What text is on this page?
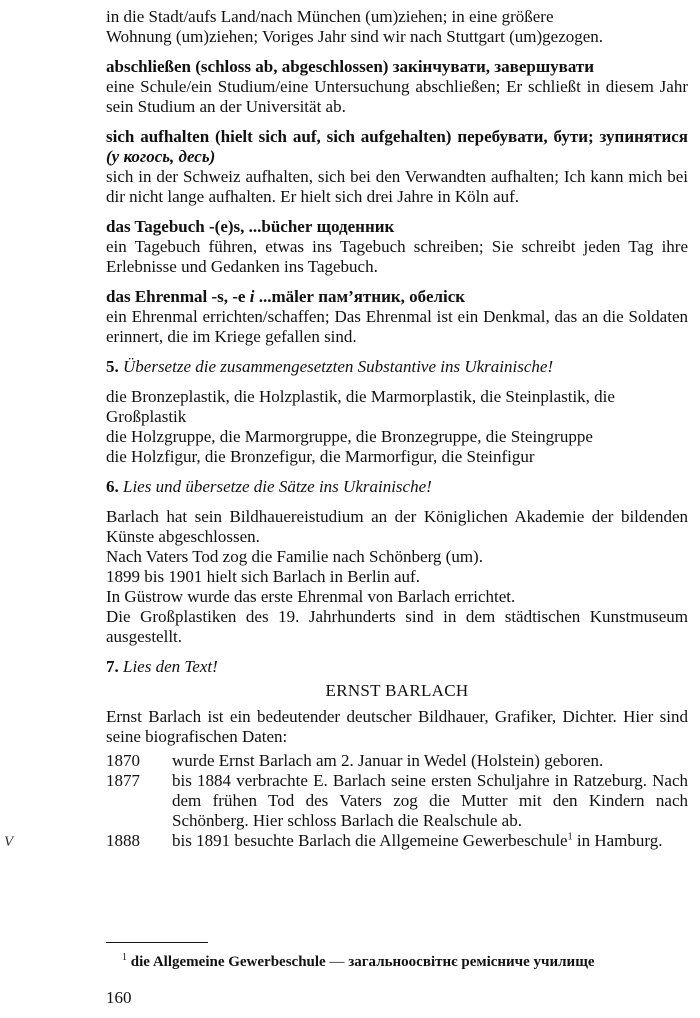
in die Stadt/aufs Land/nach München (um)ziehen; in eine größere
Wohnung (um)ziehen; Voriges Jahr sind wir nach Stuttgart (um)gezogen.

abschließen (schloss ab, abgeschlossen) закінчувати, завершувати

eine Schule/ein Studium/eine Untersuchung abschließen; Er schließt in diesem Jahr sein Studium an der Universität ab.

sich aufhalten (hielt sich auf, sich aufgehalten) перебувати, бути; зупинятися (у когось, десь)

sich in der Schweiz aufhalten, sich bei den Verwandten aufhalten; Ich kann mich bei dir nicht lange aufhalten. Er hielt sich drei Jahre in Köln auf.

das Tagebuch -(e)s, ...bücher щоденник

ein Tagebuch führen, etwas ins Tagebuch schreiben; Sie schreibt jeden Tag ihre Erlebnisse und Gedanken ins Tagebuch.

das Ehrenmal -s, -e i ...mäler пам’ятник, обеліск

ein Ehrenmal errichten/schaffen; Das Ehrenmal ist ein Denkmal, das an die Soldaten erinnert, die im Kriege gefallen sind.

5. Übersetze die zusammengesetzten Substantive ins Ukrainische!

die Bronzeplastik, die Holzplastik, die Marmorplastik, die Steinplastik, die Großplastik

die Holzgruppe, die Marmorgruppe, die Bronzegruppe, die Steingruppe

die Holzfigur, die Bronzefigur, die Marmorfigur, die Steinfigur

6. Lies und übersetze die Sätze ins Ukrainische!

Barlach hat sein Bildhauereistudium an der Königlichen Akademie der bildenden Künste abgeschlossen.

Nach Vaters Tod zog die Familie nach Schönberg (um).

1899 bis 1901 hielt sich Barlach in Berlin auf.

In Güstrow wurde das erste Ehrenmal von Barlach errichtet.

Die Großplastiken des 19. Jahrhunderts sind in dem städtischen Kunstmuseum ausgestellt.

7. Lies den Text!

ERNST BARLACH

Ernst Barlach ist ein bedeutender deutscher Bildhauer, Grafiker, Dichter. Hier sind seine biografischen Daten:

1870	wurde Ernst Barlach am 2. Januar in Wedel (Holstein) geboren.

1877	bis 1884 verbrachte E. Barlach seine ersten Schuljahre in Ratzeburg. Nach dem frühen Tod des Vaters zog die Mutter mit den Kindern nach Schönberg. Hier schloss Barlach die Realschule ab.

1888	bis 1891 besuchte Barlach die Allgemeine Gewerbeschule$^1$ in Hamburg.

V
$^1$ die Allgemeine Gewerbeschule — загальноосвітнє ремісниче училище
160
